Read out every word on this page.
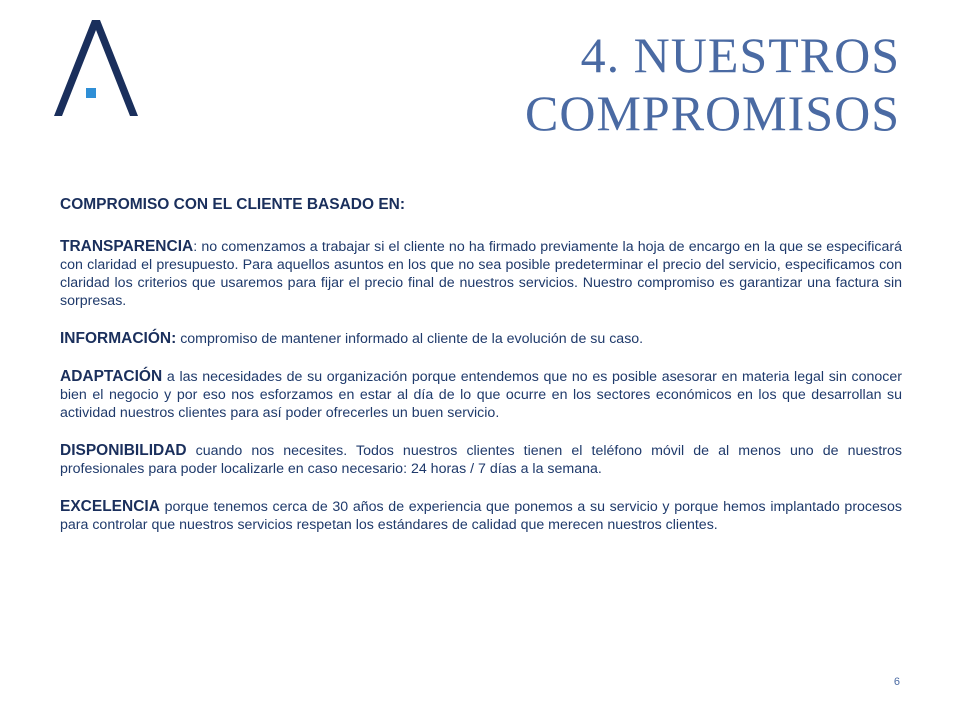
4. NUESTROS
COMPROMISOS

COMPROMISO CON EL CLIENTE BASADO EN:

TRANSPARENCIA: no comenzamos a trabajar si el cliente no ha firmado previamente la hoja de encargo en la que se especificará con claridad el presupuesto. Para aquellos asuntos en los que no sea posible predeterminar el precio del servicio, especificamos con claridad los criterios que usaremos para fijar el precio final de nuestros servicios. Nuestro compromiso es garantizar una factura sin sorpresas.

INFORMACIÓN: compromiso de mantener informado al cliente de la evolución de su caso.

ADAPTACIÓN a las necesidades de su organización porque entendemos que no es posible asesorar en materia legal sin conocer bien el negocio y por eso nos esforzamos en estar al día de lo que ocurre en los sectores económicos en los que desarrollan su actividad nuestros clientes para así poder ofrecerles un buen servicio.

DISPONIBILIDAD cuando nos necesites. Todos nuestros clientes tienen el teléfono móvil de al menos uno de nuestros profesionales para poder localizarle en caso necesario: 24 horas / 7 días a la semana.

EXCELENCIA porque tenemos cerca de 30 años de experiencia que ponemos a su servicio y porque hemos implantado procesos para controlar que nuestros servicios respetan los estándares de calidad que merecen nuestros clientes.

6
